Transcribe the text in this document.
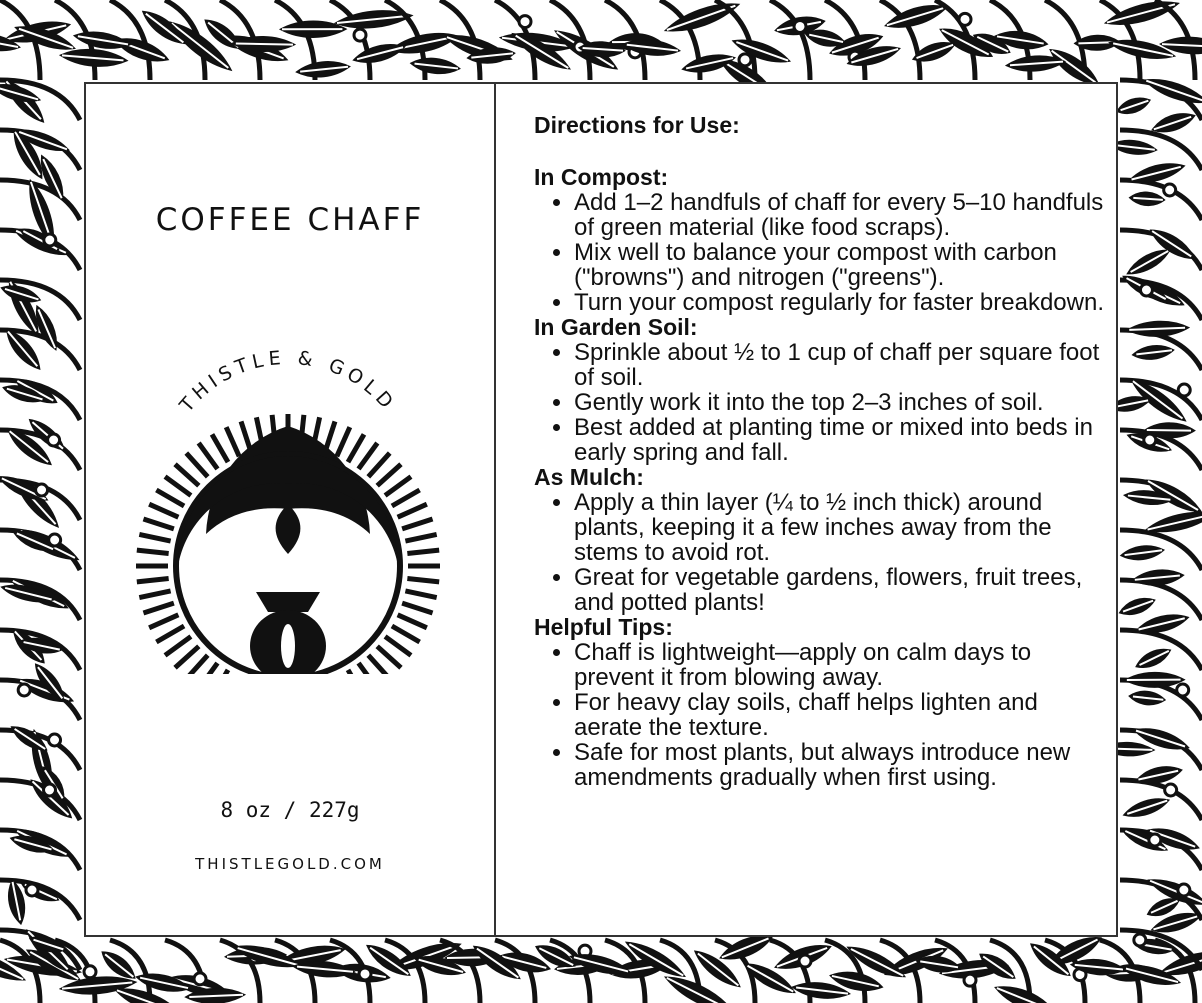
COFFEE CHAFF
THISTLE & GOLD
8 oz / 227g
THISTLEGOLD.COM
Directions for Use:
In Compost:
• Add 1–2 handfuls of chaff for every 5–10 handfuls of green material (like food scraps).
• Mix well to balance your compost with carbon ("browns") and nitrogen ("greens").
• Turn your compost regularly for faster breakdown.
In Garden Soil:
• Sprinkle about ½ to 1 cup of chaff per square foot of soil.
• Gently work it into the top 2–3 inches of soil.
• Best added at planting time or mixed into beds in early spring and fall.
As Mulch:
• Apply a thin layer (¼ to ½ inch thick) around plants, keeping it a few inches away from the stems to avoid rot.
• Great for vegetable gardens, flowers, fruit trees, and potted plants!
Helpful Tips:
• Chaff is lightweight—apply on calm days to prevent it from blowing away.
• For heavy clay soils, chaff helps lighten and aerate the texture.
• Safe for most plants, but always introduce new amendments gradually when first using.
